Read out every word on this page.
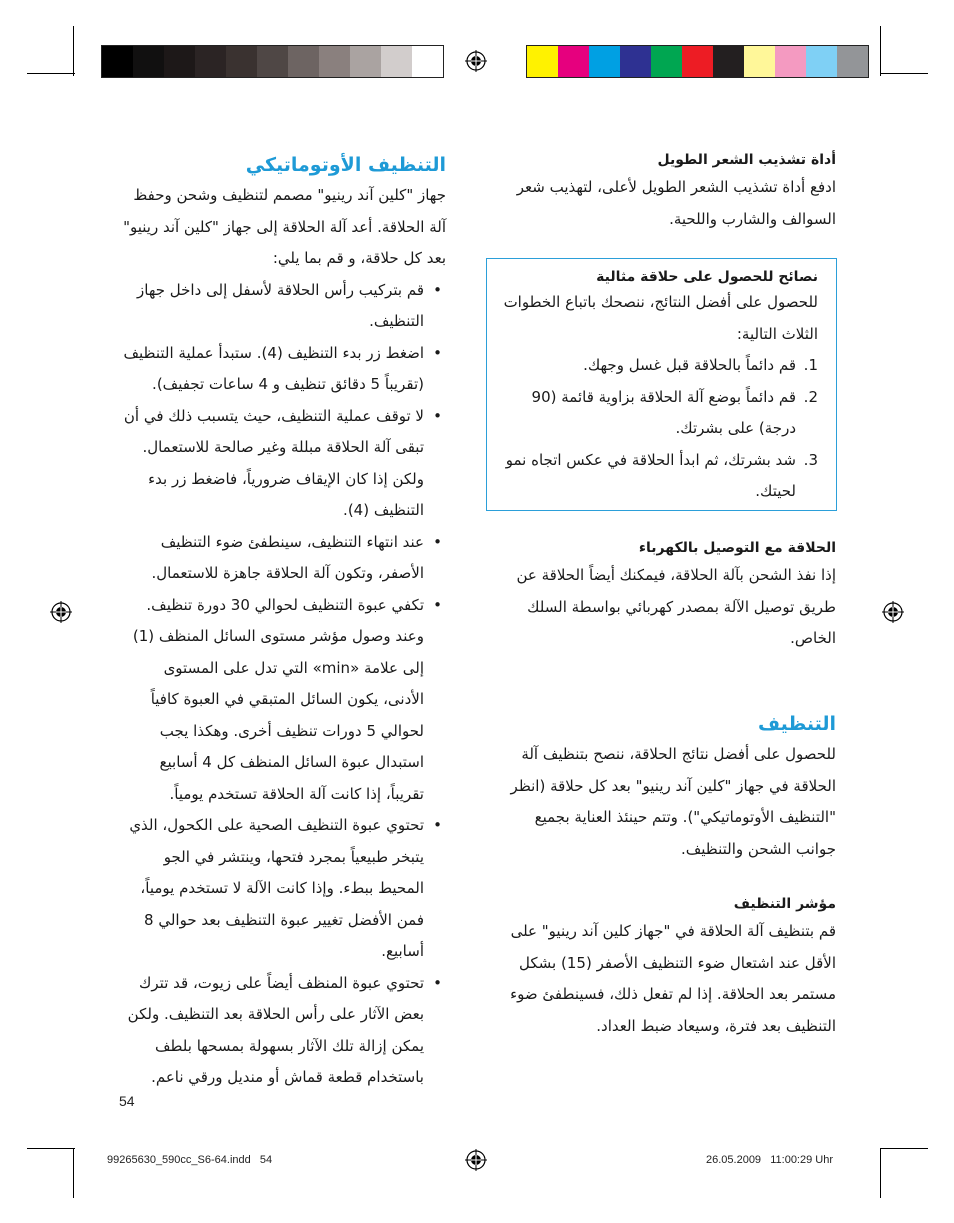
التنظيف الأوتوماتيكي

جهاز "كلين آند رينيو" مصمم لتنظيف وشحن وحفظ آلة الحلاقة. أعد آلة الحلاقة إلى جهاز "كلين آند رينيو" بعد كل حلاقة، و قم بما يلي:

• قم بتركيب رأس الحلاقة لأسفل إلى داخل جهاز التنظيف.
• اضغط زر بدء التنظيف (4). ستبدأ عملية التنظيف (تقريباً 5 دقائق تنظيف و 4 ساعات تجفيف).
• لا توقف عملية التنظيف، حيث يتسبب ذلك في أن تبقى آلة الحلاقة مبللة وغير صالحة للاستعمال. ولكن إذا كان الإيقاف ضرورياً، فاضغط زر بدء التنظيف (4).
• عند انتهاء التنظيف، سينطفئ ضوء التنظيف الأصفر، وتكون آلة الحلاقة جاهزة للاستعمال.
• تكفي عبوة التنظيف لحوالي 30 دورة تنظيف. وعند وصول مؤشر مستوى السائل المنظف (1) إلى علامة «min» التي تدل على المستوى الأدنى، يكون السائل المتبقي في العبوة كافياً لحوالي 5 دورات تنظيف أخرى. وهكذا يجب استبدال عبوة السائل المنظف كل 4 أسابيع تقريباً، إذا كانت آلة الحلاقة تستخدم يومياً.
• تحتوي عبوة التنظيف الصحية على الكحول، الذي يتبخر طبيعياً بمجرد فتحها، وينتشر في الجو المحيط ببطء. وإذا كانت الآلة لا تستخدم يومياً، فمن الأفضل تغيير عبوة التنظيف بعد حوالي 8 أسابيع.
• تحتوي عبوة المنظف أيضاً على زيوت، قد تترك بعض الآثار على رأس الحلاقة بعد التنظيف. ولكن يمكن إزالة تلك الآثار بسهولة بمسحها بلطف باستخدام قطعة قماش أو منديل ورقي ناعم.
أداة تشذيب الشعر الطويل

ادفع أداة تشذيب الشعر الطويل لأعلى، لتهذيب شعر السوالف والشارب واللحية.

نصائح للحصول على حلاقة مثالية

للحصول على أفضل النتائج، ننصحك باتباع الخطوات الثلاث التالية:

1.
قم دائماً بالحلاقة قبل غسل وجهك.
2.
قم دائماً بوضع آلة الحلاقة بزاوية قائمة (90 درجة) على بشرتك.
3.
شد بشرتك، ثم ابدأ الحلاقة في عكس اتجاه نمو لحيتك.
الحلاقة مع التوصيل بالكهرباء

إذا نفذ الشحن بآلة الحلاقة، فيمكنك أيضاً الحلاقة عن طريق توصيل الآلة بمصدر كهربائي بواسطة السلك الخاص.

التنظيف

للحصول على أفضل نتائج الحلاقة، ننصح بتنظيف آلة الحلاقة في جهاز "كلين آند رينيو" بعد كل حلاقة (انظر "التنظيف الأوتوماتيكي"). وتتم حينئذ العناية بجميع جوانب الشحن والتنظيف.

مؤشر التنظيف

قم بتنظيف آلة الحلاقة في "جهاز كلين آند رينيو" على الأقل عند اشتعال ضوء التنظيف الأصفر (15) بشكل مستمر بعد الحلاقة. إذا لم تفعل ذلك، فسينطفئ ضوء التنظيف بعد فترة، وسيعاد ضبط العداد.

54
99265630_590cc_S6-64.indd   54	26.05.2009   11:00:29 Uhr
